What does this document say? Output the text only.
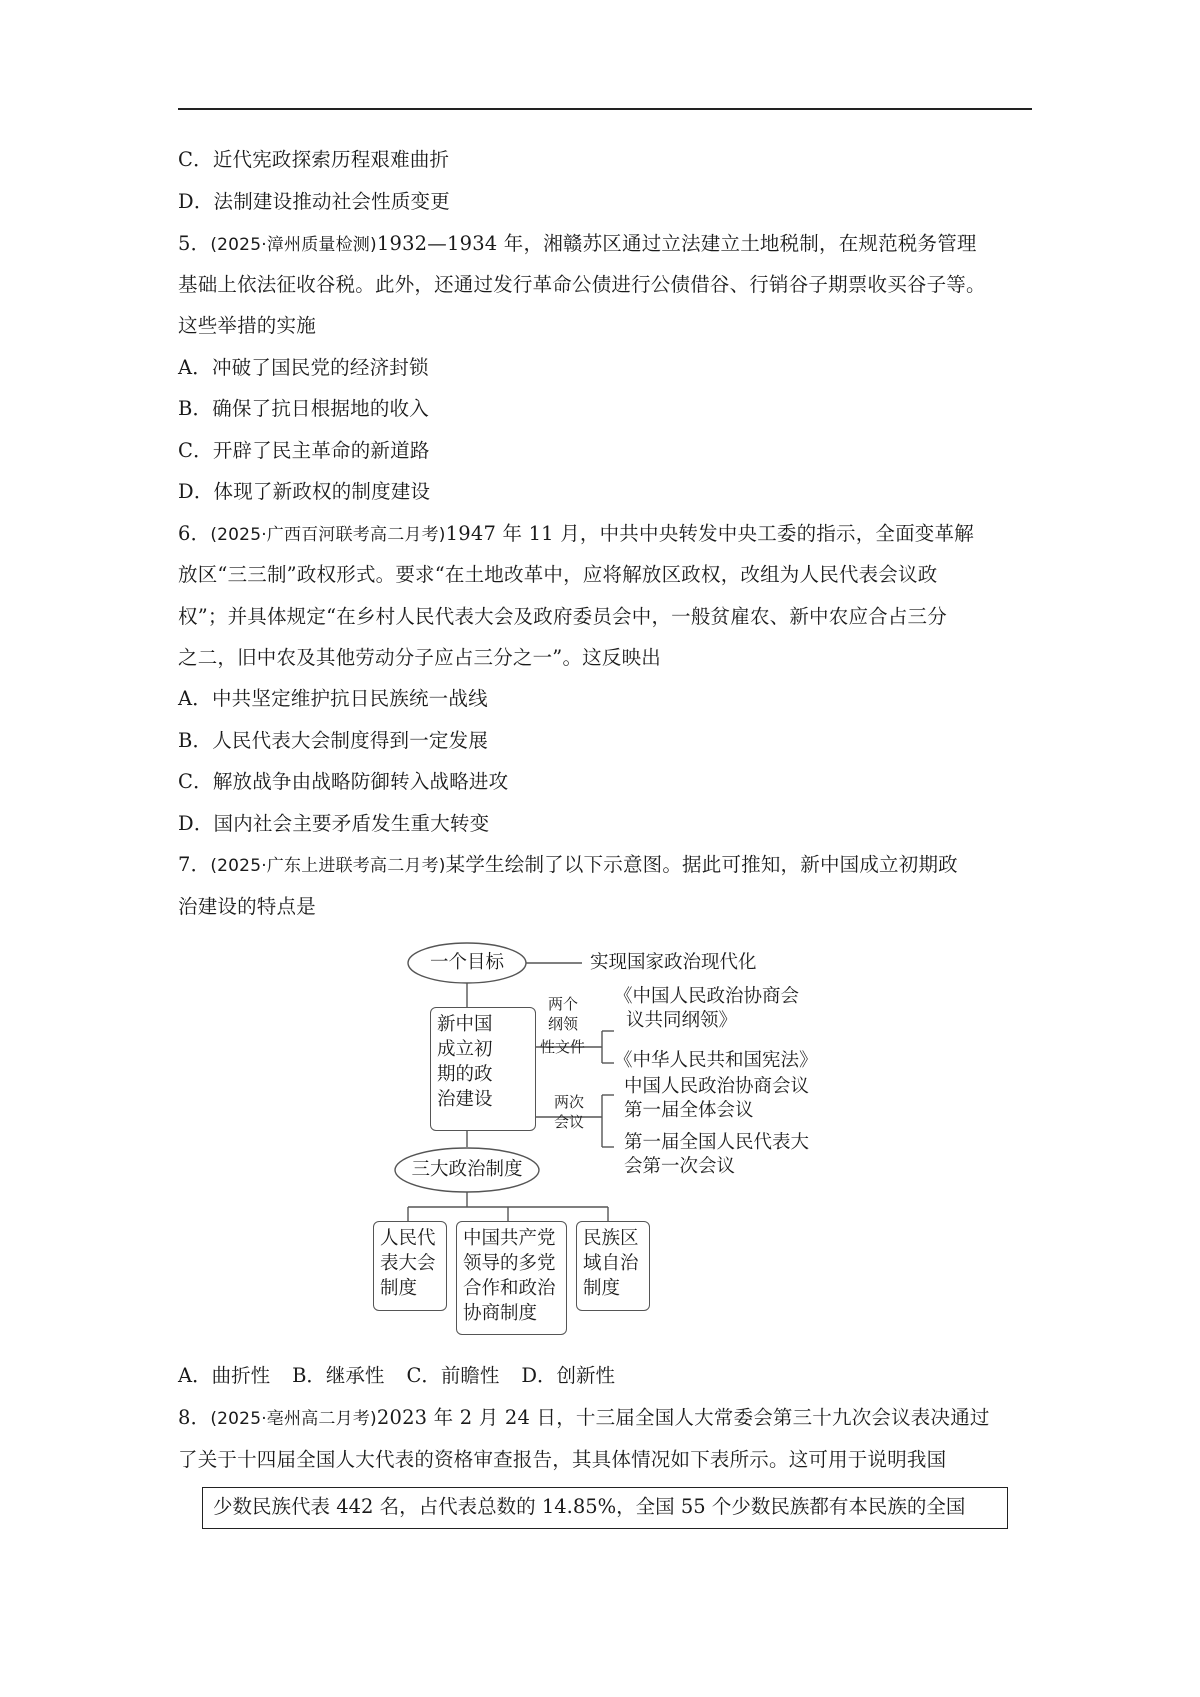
C．近代宪政探索历程艰难曲折
D．法制建设推动社会性质变更
5．(2025·漳州质量检测)1932—1934 年，湘赣苏区通过立法建立土地税制，在规范税务管理
基础上依法征收谷税。此外，还通过发行革命公债进行公债借谷、行销谷子期票收买谷子等。
这些举措的实施
A．冲破了国民党的经济封锁
B．确保了抗日根据地的收入
C．开辟了民主革命的新道路
D．体现了新政权的制度建设
6．(2025·广西百河联考高二月考)1947 年 11 月，中共中央转发中央工委的指示，全面变革解
放区“三三制”政权形式。要求“在土地改革中，应将解放区政权，改组为人民代表会议政
权”；并具体规定“在乡村人民代表大会及政府委员会中，一般贫雇农、新中农应合占三分
之二，旧中农及其他劳动分子应占三分之一”。这反映出
A．中共坚定维护抗日民族统一战线
B．人民代表大会制度得到一定发展
C．解放战争由战略防御转入战略进攻
D．国内社会主要矛盾发生重大转变
7．(2025·广东上进联考高二月考)某学生绘制了以下示意图。据此可推知，新中国成立初期政
治建设的特点是
一个目标	实现国家政治现代化
新中国
成立初
期的政
治建设
两个
纲领
性文件
《中国人民政治协商会
议共同纲领》
《中华人民共和国宪法》
两次
会议
中国人民政治协商会议
第一届全体会议
第一届全国人民代表大
会第一次会议
三大政治制度
人民代
表大会
制度
中国共产党
领导的多党
合作和政治
协商制度
民族区
域自治
制度
A．曲折性 B．继承性 C．前瞻性 D．创新性
8．(2025·亳州高二月考)2023 年 2 月 24 日，十三届全国人大常委会第三十九次会议表决通过
了关于十四届全国人大代表的资格审查报告，其具体情况如下表所示。这可用于说明我国
少数民族代表 442 名，占代表总数的 14.85%，全国 55 个少数民族都有本民族的全国
